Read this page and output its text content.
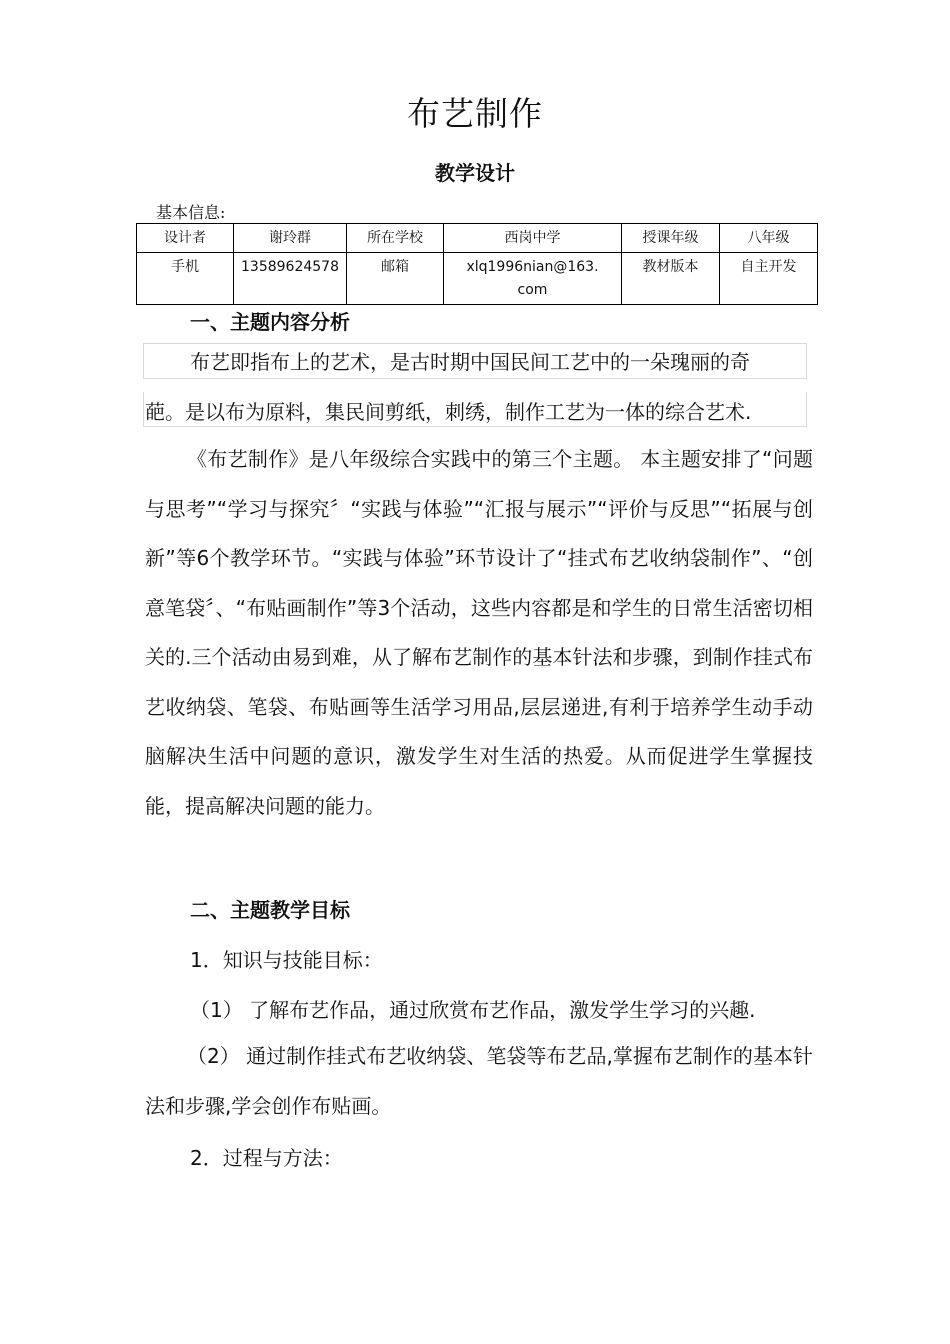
布艺制作
教学设计
基本信息:
设计者	谢玲群	所在学校	西岗中学	授课年级	八年级
手机	13589624578	邮箱	xlq1996nian@163.com	教材版本	自主开发
一、主题内容分析
布艺即指布上的艺术，是古时期中国民间工艺中的一朵瑰丽的奇
葩。是以布为原料，集民间剪纸，刺绣，制作工艺为一体的综合艺术.
《布艺制作》是八年级综合实践中的第三个主题。 本主题安排了“问题与思考”“学习与探究〞“实践与体验”“汇报与展示”“评价与反思”“拓展与创新”等6个教学环节。“实践与体验”环节设计了“挂式布艺收纳袋制作”、“创意笔袋〞、“布贴画制作”等3个活动，这些内容都是和学生的日常生活密切相关的.三个活动由易到难，从了解布艺制作的基本针法和步骤，到制作挂式布艺收纳袋、笔袋、布贴画等生活学习用品,层层递进,有利于培养学生动手动脑解决生活中问题的意识，激发学生对生活的热爱。从而促进学生掌握技能，提高解决问题的能力。
二、主题教学目标
1．知识与技能目标：
（1） 了解布艺作品，通过欣赏布艺作品，激发学生学习的兴趣.
（2） 通过制作挂式布艺收纳袋、笔袋等布艺品,掌握布艺制作的基本针法和步骤,学会创作布贴画。
2．过程与方法：
